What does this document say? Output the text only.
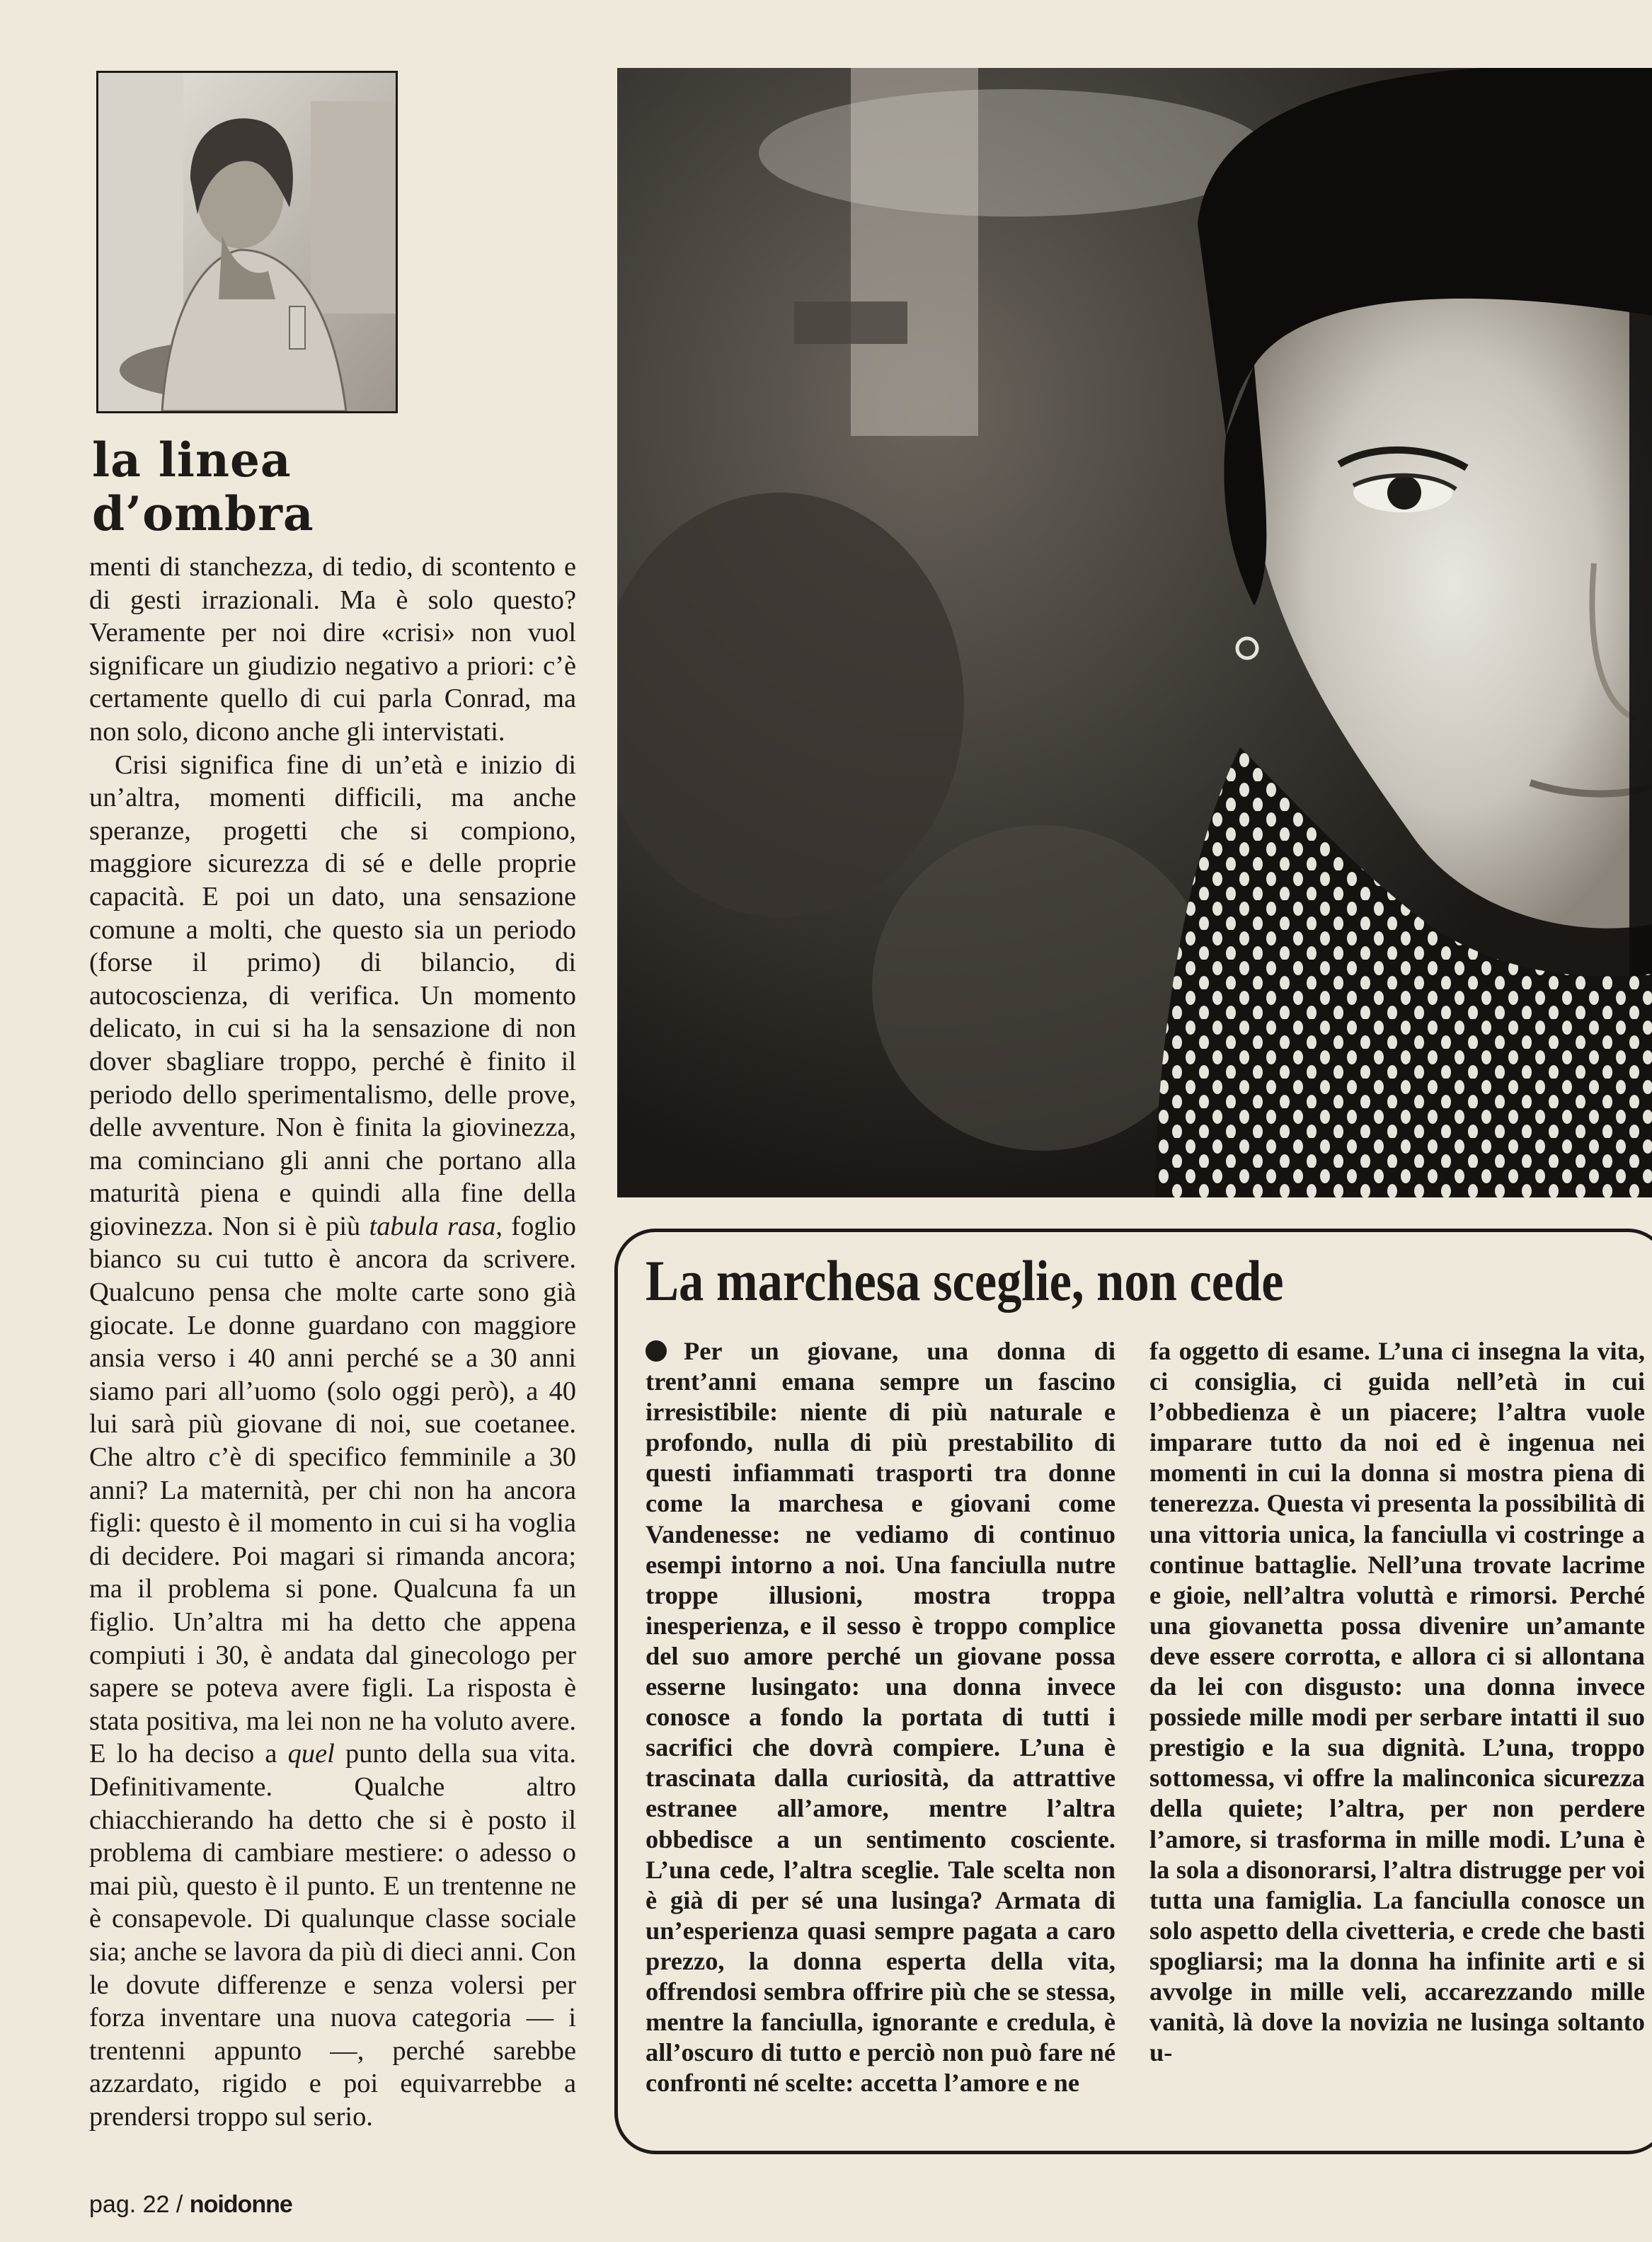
la linea
d’ombra

menti di stanchezza, di tedio, di scontento e di gesti irrazionali. Ma è solo questo? Veramente per noi dire «crisi» non vuol significare un giudizio negativo a priori: c’è certamente quello di cui parla Conrad, ma non solo, dicono anche gli intervistati.

Crisi significa fine di un’età e inizio di un’altra, momenti difficili, ma anche speranze, progetti che si compiono, maggiore sicurezza di sé e delle proprie capacità. E poi un dato, una sensazione comune a molti, che questo sia un periodo (forse il primo) di bilancio, di autocoscienza, di verifica. Un momento delicato, in cui si ha la sensazione di non dover sbagliare troppo, perché è finito il periodo dello sperimentalismo, delle prove, delle avventure. Non è finita la giovinezza, ma cominciano gli anni che portano alla maturità piena e quindi alla fine della giovinezza. Non si è più tabula rasa, foglio bianco su cui tutto è ancora da scrivere. Qualcuno pensa che molte carte sono già giocate. Le donne guardano con maggiore ansia verso i 40 anni perché se a 30 anni siamo pari all’uomo (solo oggi però), a 40 lui sarà più giovane di noi, sue coetanee. Che altro c’è di specifico femminile a 30 anni? La maternità, per chi non ha ancora figli: questo è il momento in cui si ha voglia di decidere. Poi magari si rimanda ancora; ma il problema si pone. Qualcuna fa un figlio. Un’altra mi ha detto che appena compiuti i 30, è andata dal ginecologo per sapere se poteva avere figli. La risposta è stata positiva, ma lei non ne ha voluto avere. E lo ha deciso a quel punto della sua vita. Definitivamente. Qualche altro chiacchierando ha detto che si è posto il problema di cambiare mestiere: o adesso o mai più, questo è il punto. E un trentenne ne è consapevole. Di qualunque classe sociale sia; anche se lavora da più di dieci anni. Con le dovute differenze e senza volersi per forza inventare una nuova categoria — i trentenni appunto —, perché sarebbe azzardato, rigido e poi equivarrebbe a prendersi troppo sul serio.

La marchesa sceglie, non cede

Per un giovane, una donna di trent’anni emana sempre un fascino irresistibile: niente di più naturale e profondo, nulla di più prestabilito di questi infiammati trasporti tra donne come la marchesa e giovani come Vandenesse: ne vediamo di continuo esempi intorno a noi. Una fanciulla nutre troppe illusioni, mostra troppa inesperienza, e il sesso è troppo complice del suo amore perché un giovane possa esserne lusingato: una donna invece conosce a fondo la portata di tutti i sacrifici che dovrà compiere. L’una è trascinata dalla curiosità, da attrattive estranee all’amore, mentre l’altra obbedisce a un sentimento cosciente. L’una cede, l’altra sceglie. Tale scelta non è già di per sé una lusinga? Armata di un’esperienza quasi sempre pagata a caro prezzo, la donna esperta della vita, offrendosi sembra offrire più che se stessa, mentre la fanciulla, ignorante e credula, è all’oscuro di tutto e perciò non può fare né confronti né scelte: accetta l’amore e ne

fa oggetto di esame. L’una ci insegna la vita, ci consiglia, ci guida nell’età in cui l’obbedienza è un piacere; l’altra vuole imparare tutto da noi ed è ingenua nei momenti in cui la donna si mostra piena di tenerezza. Questa vi presenta la possibilità di una vittoria unica, la fanciulla vi costringe a continue battaglie. Nell’una trovate lacrime e gioie, nell’altra voluttà e rimorsi. Perché una giovanetta possa divenire un’amante deve essere corrotta, e allora ci si allontana da lei con disgusto: una donna invece possiede mille modi per serbare intatti il suo prestigio e la sua dignità. L’una, troppo sottomessa, vi offre la malinconica sicurezza della quiete; l’altra, per non perdere l’amore, si trasforma in mille modi. L’una è la sola a disonorarsi, l’altra distrugge per voi tutta una famiglia. La fanciulla conosce un solo aspetto della civetteria, e crede che basti spogliarsi; ma la donna ha infinite arti e si avvolge in mille veli, accarezzando mille vanità, là dove la novizia ne lusinga soltanto u-

pag. 22 / noidonne
